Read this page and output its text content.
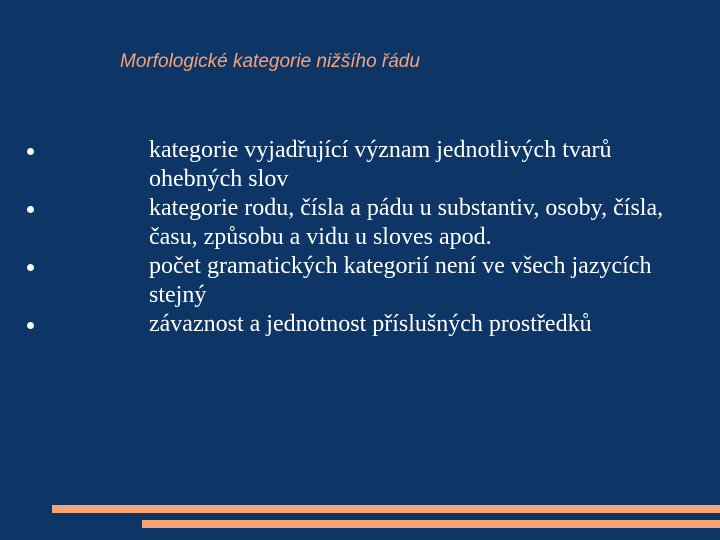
Morfologické kategorie nižšího řádu
kategorie vyjadřující význam jednotlivých tvarů ohebných slov
kategorie rodu, čísla a pádu u substantiv, osoby, čísla, času, způsobu a vidu u sloves apod.
počet gramatických kategorií není ve všech jazycích stejný
závaznost a jednotnost příslušných prostředků
